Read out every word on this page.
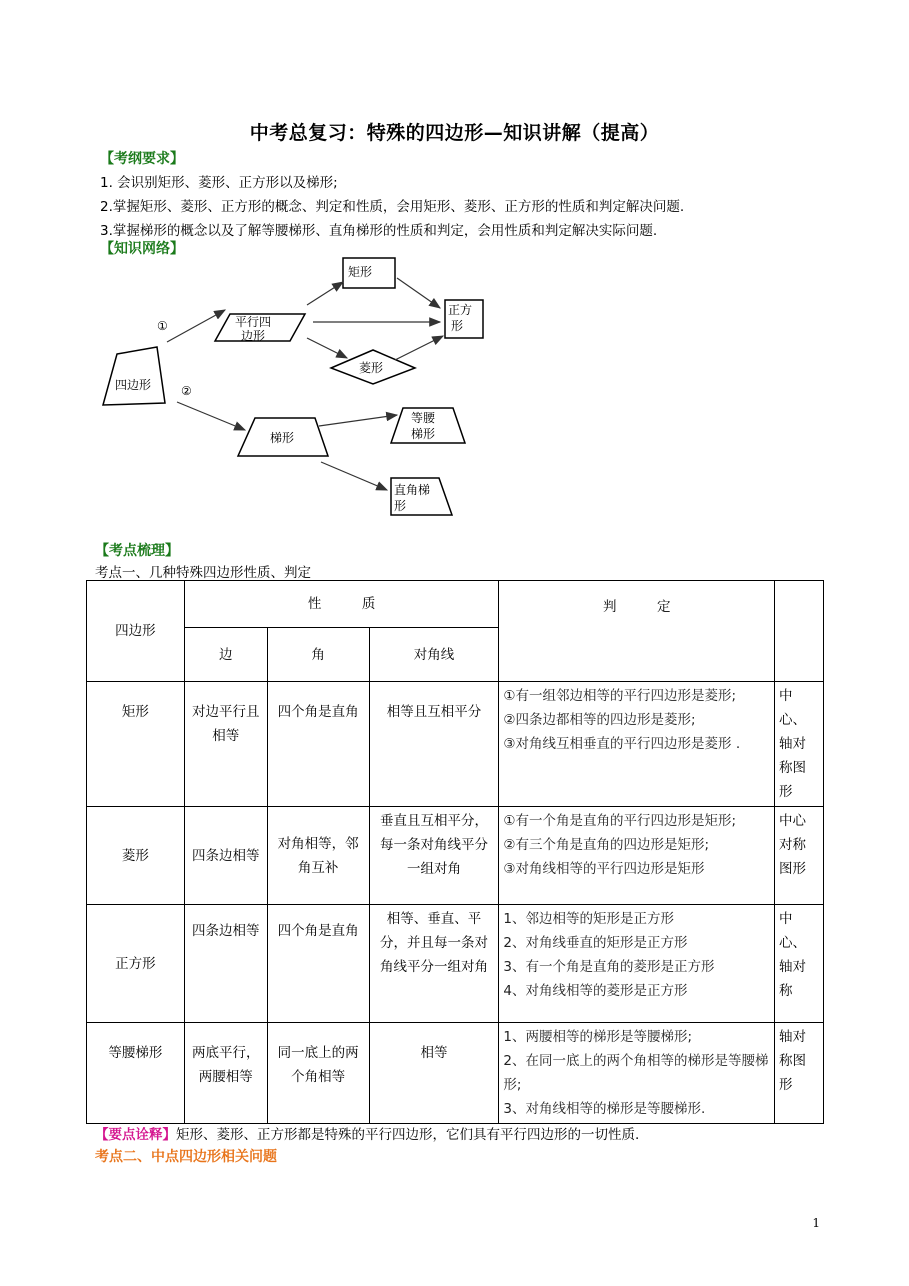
中考总复习：特殊的四边形—知识讲解（提高）
【考纲要求】
1. 会识别矩形、菱形、正方形以及梯形;
2.掌握矩形、菱形、正方形的概念、判定和性质，会用矩形、菱形、正方形的性质和判定解决问题.
3.掌握梯形的概念以及了解等腰梯形、直角梯形的性质和判定，会用性质和判定解决实际问题.
【知识网络】
①
②
四边形
平行四
边形
矩形
正方
形
菱形
梯形
等腰
梯形
直角梯
形
【考点梳理】
考点一、几种特殊四边形性质、判定
四边形	性　　　质			判　　　定	
	边	角	对角线		
矩形	对边平行且相等	四个角是直角	相等且互相平分	①有一组邻边相等的平行四边形是菱形;
②四条边都相等的四边形是菱形;
③对角线互相垂直的平行四边形是菱形 .	中心、轴对称图形
菱形	四条边相等	对角相等，邻角互补	垂直且互相平分，每一条对角线平分一组对角	①有一个角是直角的平行四边形是矩形;
②有三个角是直角的四边形是矩形;
③对角线相等的平行四边形是矩形	中心对称图形
正方形	四条边相等	四个角是直角	相等、垂直、平分，并且每一条对角线平分一组对角	1、邻边相等的矩形是正方形
2、对角线垂直的矩形是正方形
3、有一个角是直角的菱形是正方形
4、对角线相等的菱形是正方形	中心、轴对称
等腰梯形	两底平行，两腰相等	同一底上的两个角相等	相等	1、两腰相等的梯形是等腰梯形;
2、在同一底上的两个角相等的梯形是等腰梯形;
3、对角线相等的梯形是等腰梯形.	轴对称图形
【要点诠释】矩形、菱形、正方形都是特殊的平行四边形，它们具有平行四边形的一切性质.
考点二、中点四边形相关问题
1
